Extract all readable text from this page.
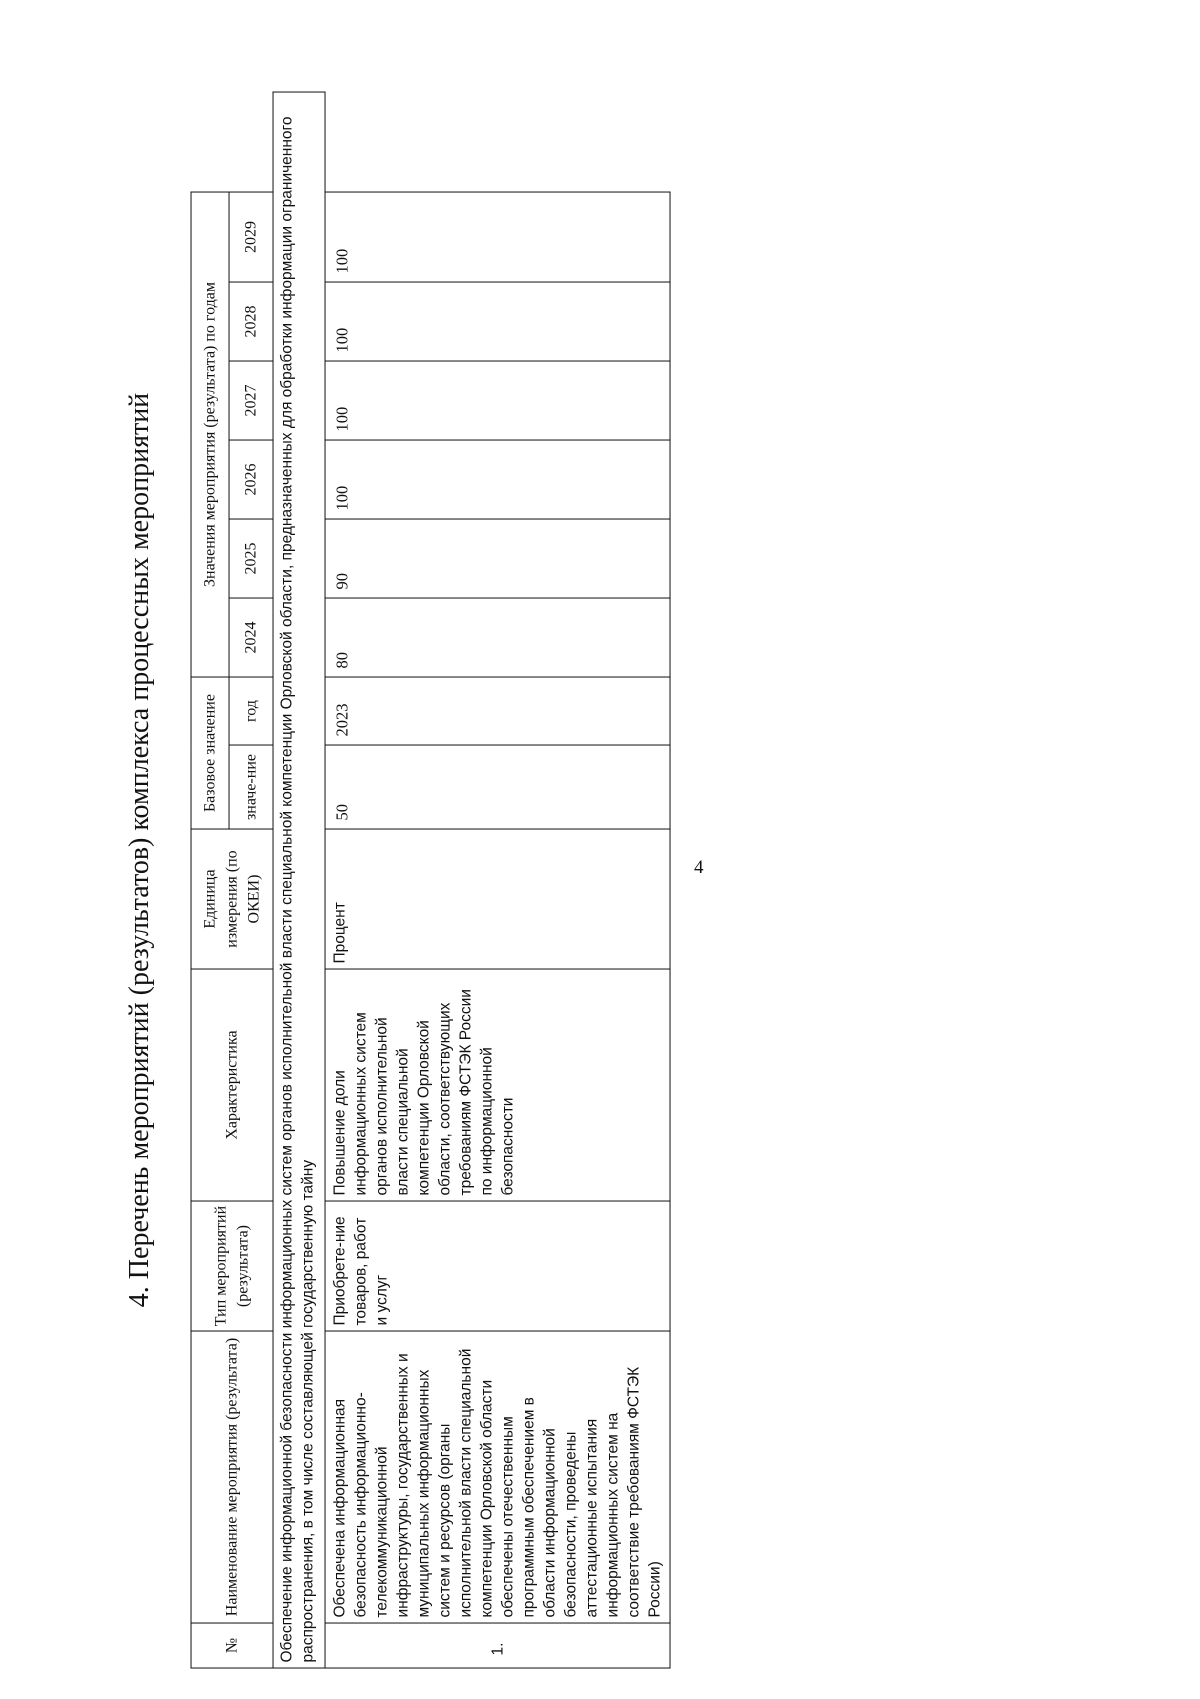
4
4. Перечень мероприятий (результатов) комплекса процессных мероприятий
№	Наименование мероприятия (результата)	Тип мероприятий (результата)	Характеристика	Единица измерения (по ОКЕИ)	Базовое значение		Значения мероприятия (результата) по годам						
					значе-ние	год	2024	2025	2026	2027	2028	2029	
Обеспечение информационной безопасности информационных систем органов исполнительной власти специальной компетенции Орловской области, предназначенных для обработки информации ограниченного распространения, в том числе составляющей государственную тайну													
1.	Обеспечена информационная безопасность информационно-телекоммуникационной инфраструктуры, государственных и муниципальных информационных систем и ресурсов (органы исполнительной власти специальной компетенции Орловской области обеспечены отечественным программным обеспечением в области информационной безопасности, проведены аттестационные испытания информационных систем на соответствие требованиям ФСТЭК России)	Приобрете-ние товаров, работ и услуг	Повышение доли информационных систем органов исполнительной власти специальной компетенции Орловской области, соответствующих требованиям ФСТЭК России по информационной безопасности	Процент	50	2023	80	90	100	100	100	100	
